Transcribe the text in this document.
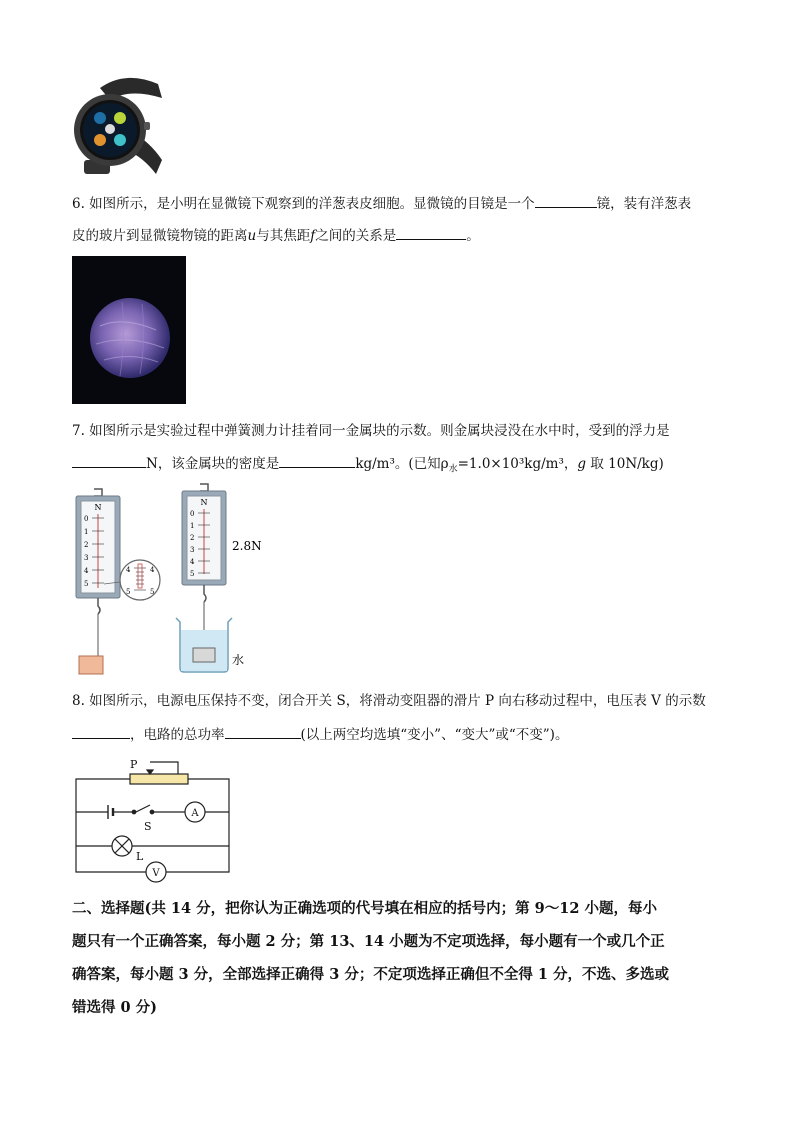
6. 如图所示，是小明在显微镜下观察到的洋葱表皮细胞。显微镜的目镜是一个	镜，装有洋葱表
皮的玻片到显微镜物镜的距离u与其焦距f之间的关系是	。
7. 如图所示是实验过程中弹簧测力计挂着同一金属块的示数。则金属块浸没在水中时，受到的浮力是
N，该金属块的密度是	kg/m³。(已知$\rho_水=1.0\times 10^3kg/m^3$，g 取 10N/kg)
N
0
1
2
3
4
5
4
5
4
5
N
0
1
2
3
4
5
2.8N
水
8. 如图所示，电源电压保持不变，闭合开关 S，将滑动变阻器的滑片 P 向右移动过程中，电压表 V 的示数
，电路的总功率	(以上两空均选填“变小”、“变大”或“不变”)。
P
S
A
L
V
二、选择题(共 14 分，把你认为正确选项的代号填在相应的括号内；第 9～12 小题，每小
题只有一个正确答案，每小题 2 分；第 13、14 小题为不定项选择，每小题有一个或几个正
确答案，每小题 3 分，全部选择正确得 3 分；不定项选择正确但不全得 1 分，不选、多选或
错选得 0 分)
